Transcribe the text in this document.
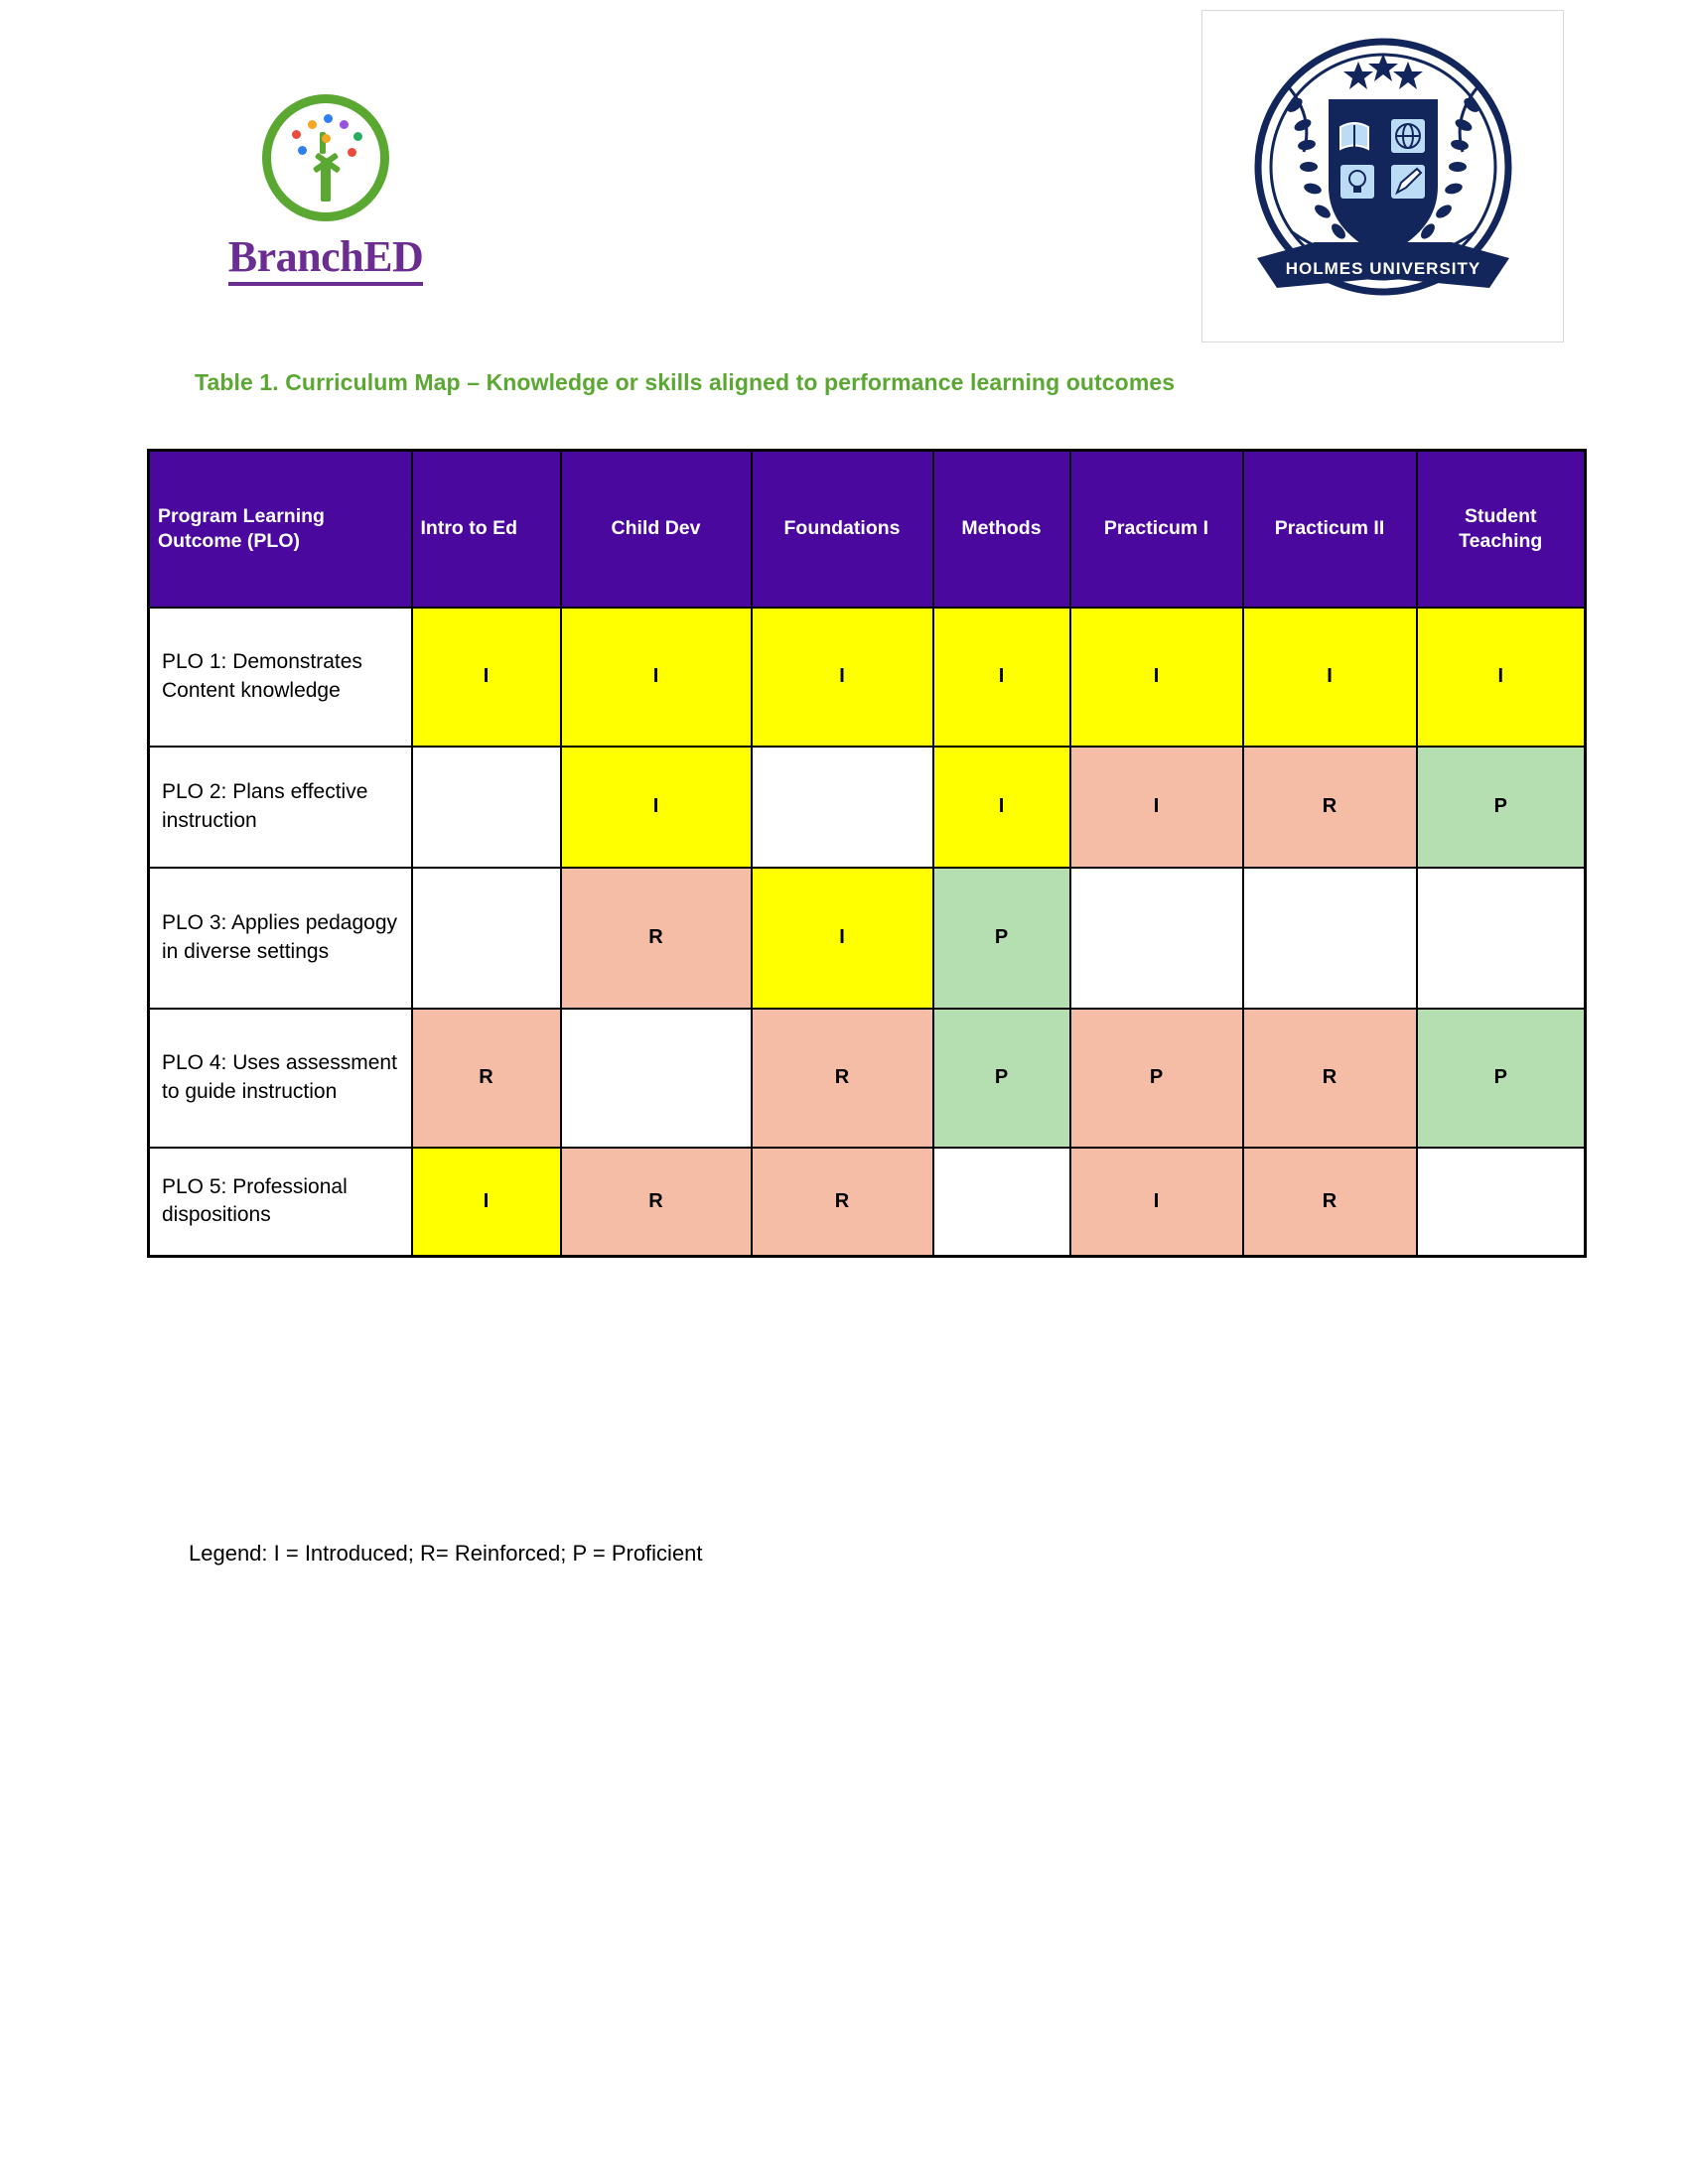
BranchED	HOLMES UNIVERSITY
Table 1. Curriculum Map – Knowledge or skills aligned to performance learning outcomes
Program Learning Outcome (PLO)	Intro to Ed	Child Dev	Foundations	Methods	Practicum I	Practicum II	Student Teaching
PLO 1: Demonstrates Content knowledge	I	I	I	I	I	I	I
PLO 2: Plans effective instruction		I		I	I	R	P
PLO 3: Applies pedagogy in diverse settings		R	I	P			
PLO 4: Uses assessment to guide instruction	R		R	P	P	R	P
PLO 5: Professional dispositions	I	R	R		I	R	
Legend: I = Introduced; R= Reinforced; P = Proficient
